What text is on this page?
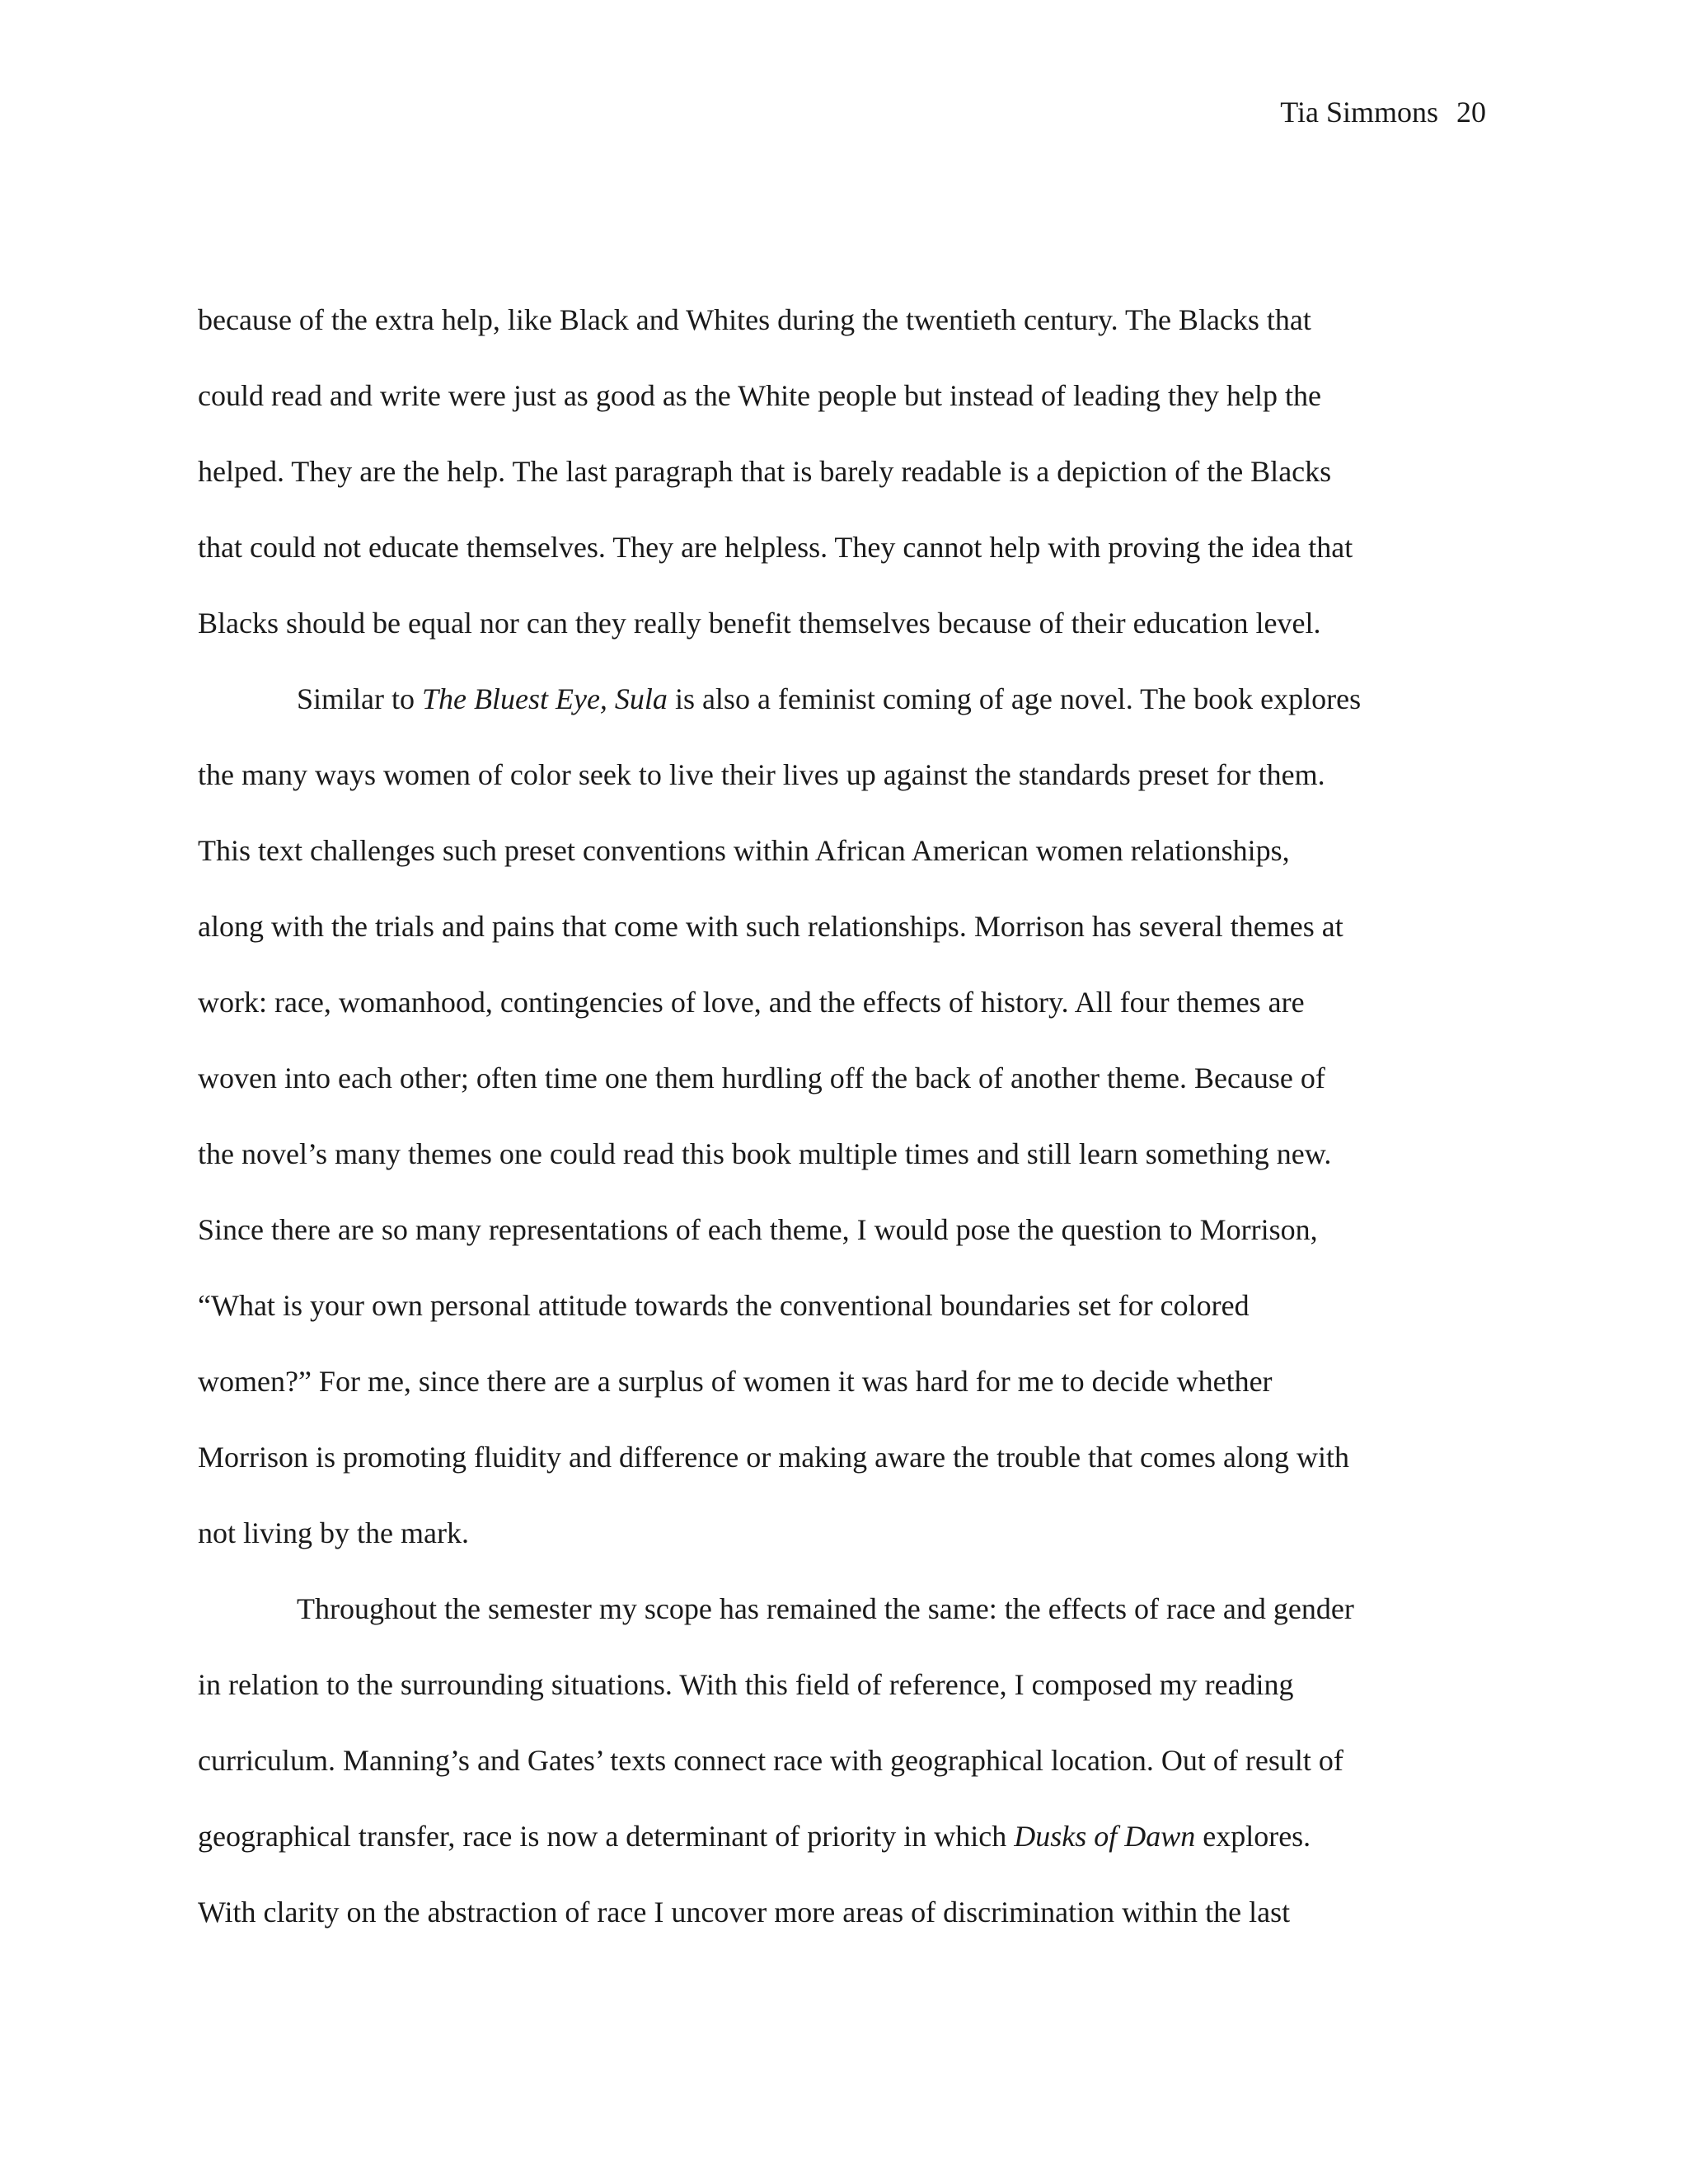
Tia Simmons 20
because of the extra help, like Black and Whites during the twentieth century. The Blacks that
could read and write were just as good as the White people but instead of leading they help the
helped. They are the help. The last paragraph that is barely readable is a depiction of the Blacks
that could not educate themselves. They are helpless. They cannot help with proving the idea that
Blacks should be equal nor can they really benefit themselves because of their education level.
Similar to The Bluest Eye, Sula is also a feminist coming of age novel. The book explores
the many ways women of color seek to live their lives up against the standards preset for them.
This text challenges such preset conventions within African American women relationships,
along with the trials and pains that come with such relationships. Morrison has several themes at
work: race, womanhood, contingencies of love, and the effects of history. All four themes are
woven into each other; often time one them hurdling off the back of another theme. Because of
the novel’s many themes one could read this book multiple times and still learn something new.
Since there are so many representations of each theme, I would pose the question to Morrison,
“What is your own personal attitude towards the conventional boundaries set for colored
women?” For me, since there are a surplus of women it was hard for me to decide whether
Morrison is promoting fluidity and difference or making aware the trouble that comes along with
not living by the mark.
Throughout the semester my scope has remained the same: the effects of race and gender
in relation to the surrounding situations. With this field of reference, I composed my reading
curriculum. Manning’s and Gates’ texts connect race with geographical location. Out of result of
geographical transfer, race is now a determinant of priority in which Dusks of Dawn explores.
With clarity on the abstraction of race I uncover more areas of discrimination within the last
